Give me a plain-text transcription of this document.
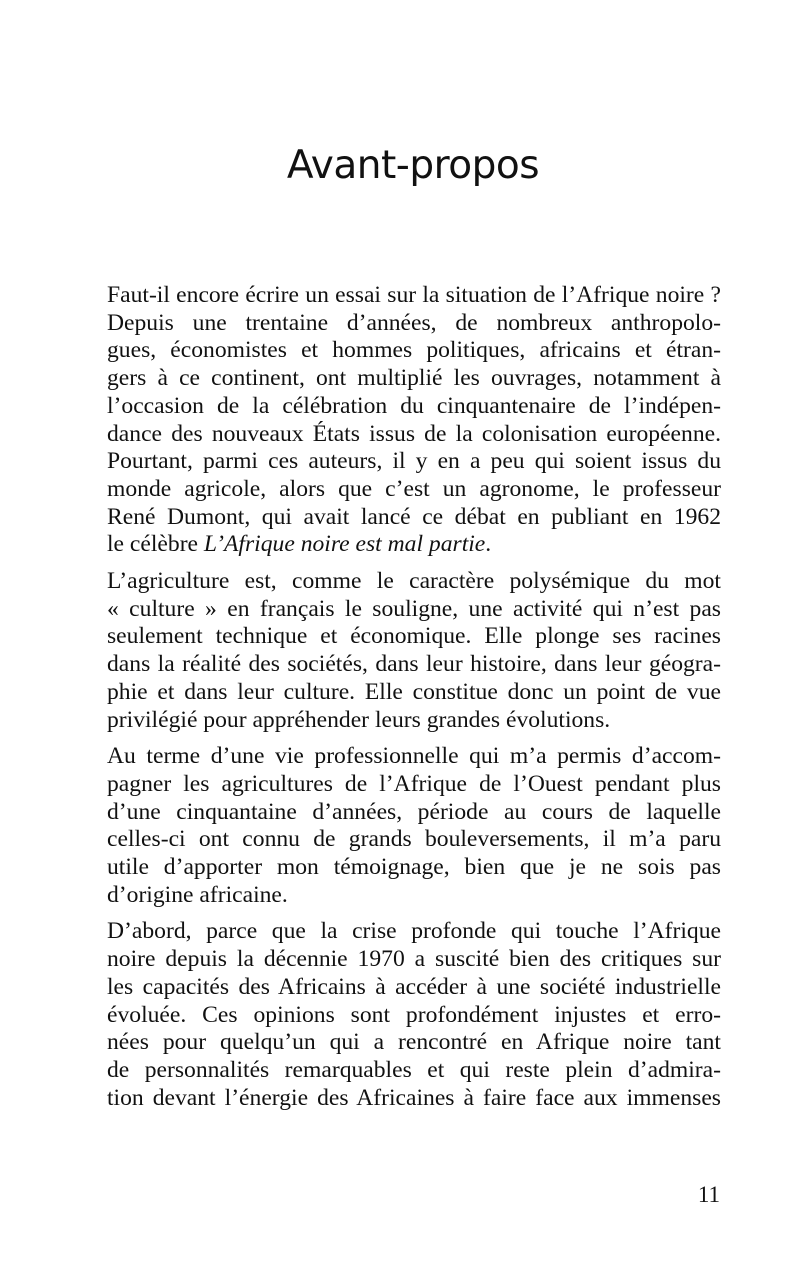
Avant-propos

Faut-il encore écrire un essai sur la situation de l’Afrique noire ?
Depuis une trentaine d’années, de nombreux anthropolo-
gues, économistes et hommes politiques, africains et étran-
gers à ce continent, ont multiplié les ouvrages, notamment à
l’occasion de la célébration du cinquantenaire de l’indépen-
dance des nouveaux États issus de la colonisation européenne.
Pourtant, parmi ces auteurs, il y en a peu qui soient issus du
monde agricole, alors que c’est un agronome, le professeur
René Dumont, qui avait lancé ce débat en publiant en 1962
le célèbre L’Afrique noire est mal partie.

L’agriculture est, comme le caractère polysémique du mot
« culture » en français le souligne, une activité qui n’est pas
seulement technique et économique. Elle plonge ses racines
dans la réalité des sociétés, dans leur histoire, dans leur géogra-
phie et dans leur culture. Elle constitue donc un point de vue
privilégié pour appréhender leurs grandes évolutions.

Au terme d’une vie professionnelle qui m’a permis d’accom-
pagner les agricultures de l’Afrique de l’Ouest pendant plus
d’une cinquantaine d’années, période au cours de laquelle
celles-ci ont connu de grands bouleversements, il m’a paru
utile d’apporter mon témoignage, bien que je ne sois pas
d’origine africaine.

D’abord, parce que la crise profonde qui touche l’Afrique
noire depuis la décennie 1970 a suscité bien des critiques sur
les capacités des Africains à accéder à une société industrielle
évoluée. Ces opinions sont profondément injustes et erro-
nées pour quelqu’un qui a rencontré en Afrique noire tant
de personnalités remarquables et qui reste plein d’admira-
tion devant l’énergie des Africaines à faire face aux immenses

11
